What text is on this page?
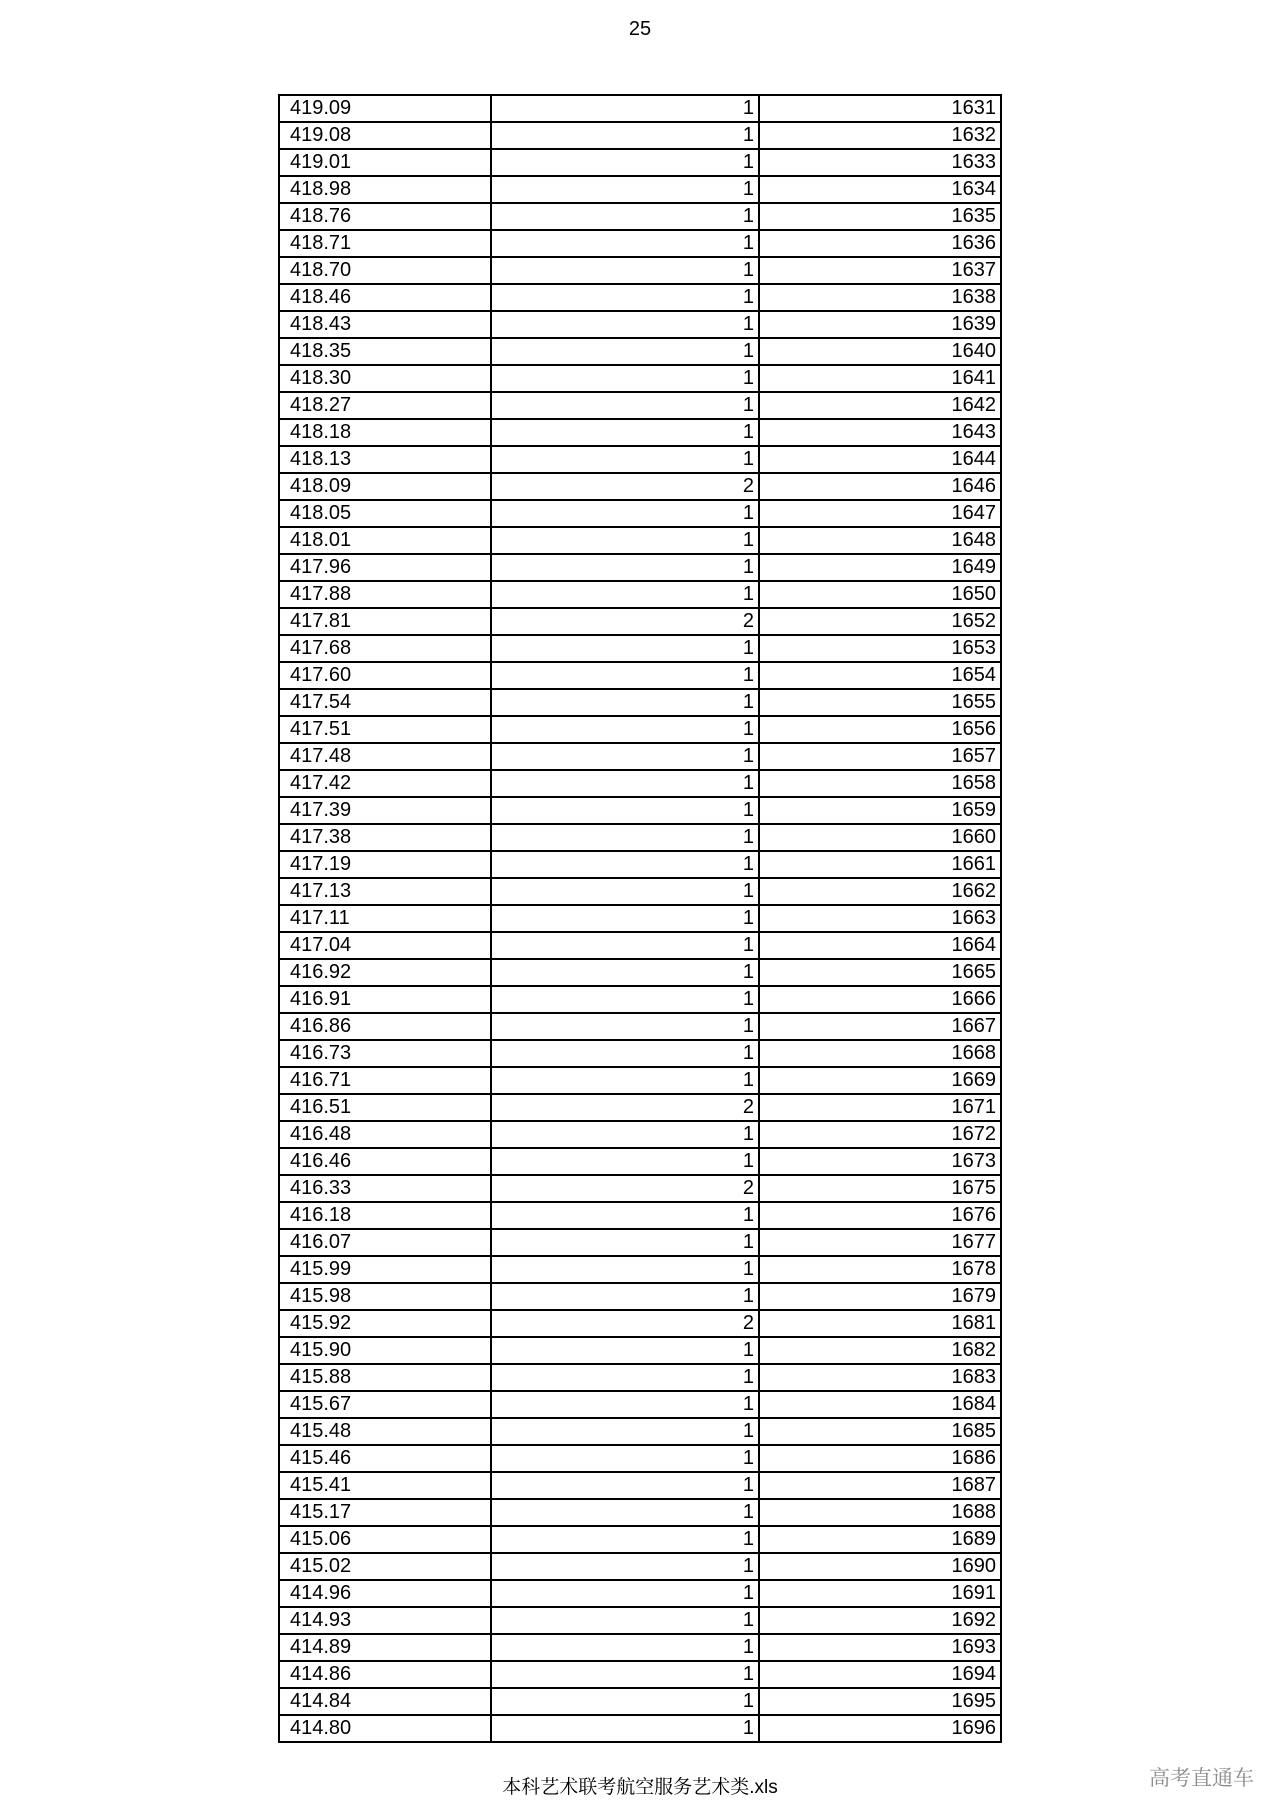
25
419.09	1	1631
419.08	1	1632
419.01	1	1633
418.98	1	1634
418.76	1	1635
418.71	1	1636
418.70	1	1637
418.46	1	1638
418.43	1	1639
418.35	1	1640
418.30	1	1641
418.27	1	1642
418.18	1	1643
418.13	1	1644
418.09	2	1646
418.05	1	1647
418.01	1	1648
417.96	1	1649
417.88	1	1650
417.81	2	1652
417.68	1	1653
417.60	1	1654
417.54	1	1655
417.51	1	1656
417.48	1	1657
417.42	1	1658
417.39	1	1659
417.38	1	1660
417.19	1	1661
417.13	1	1662
417.11	1	1663
417.04	1	1664
416.92	1	1665
416.91	1	1666
416.86	1	1667
416.73	1	1668
416.71	1	1669
416.51	2	1671
416.48	1	1672
416.46	1	1673
416.33	2	1675
416.18	1	1676
416.07	1	1677
415.99	1	1678
415.98	1	1679
415.92	2	1681
415.90	1	1682
415.88	1	1683
415.67	1	1684
415.48	1	1685
415.46	1	1686
415.41	1	1687
415.17	1	1688
415.06	1	1689
415.02	1	1690
414.96	1	1691
414.93	1	1692
414.89	1	1693
414.86	1	1694
414.84	1	1695
414.80	1	1696
本科艺术联考航空服务艺术类.xls	高考直通车
